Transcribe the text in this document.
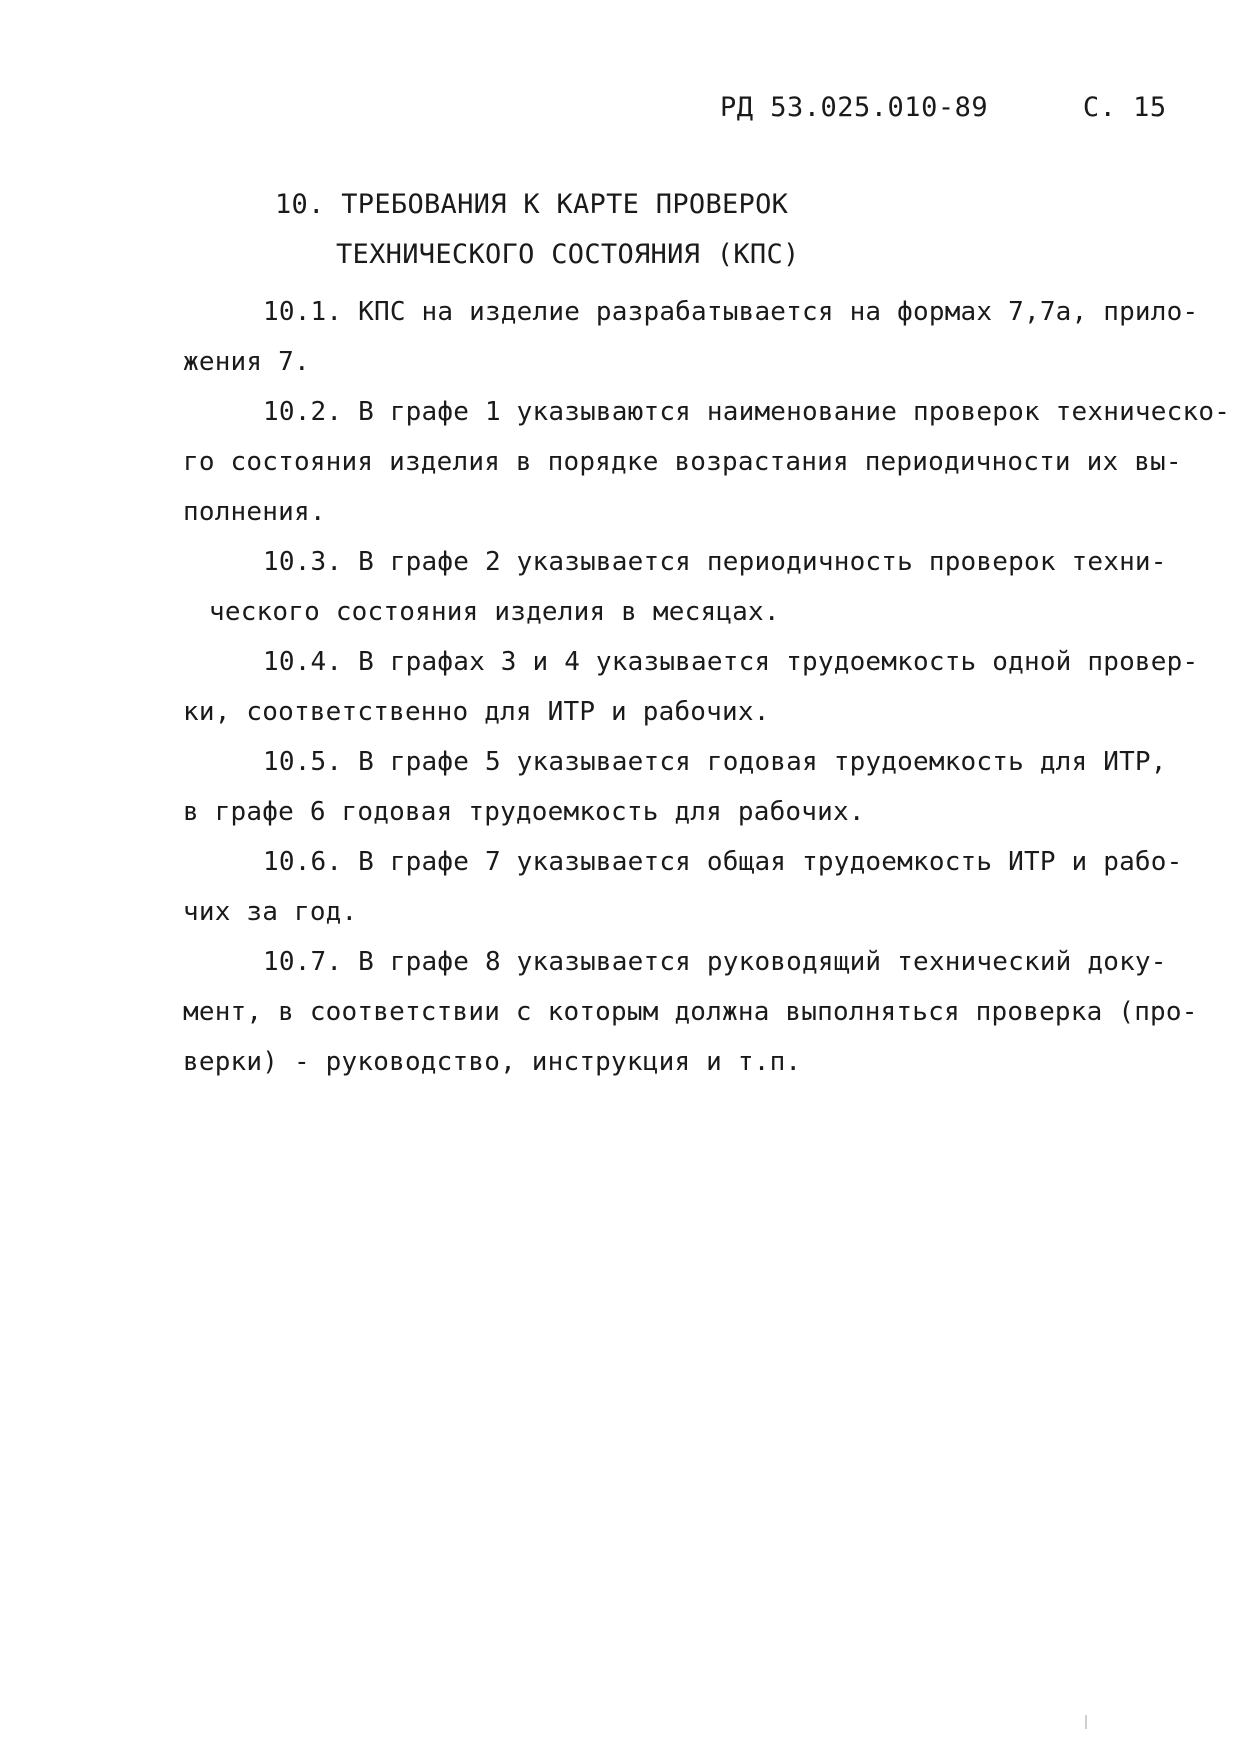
РД 53.025.010-89	С. 15
10. ТРЕБОВАНИЯ К КАРТЕ ПРОВЕРОК
ТЕХНИЧЕСКОГО СОСТОЯНИЯ (КПС)
10.1. КПС на изделие разрабатывается на формах 7,7а, прило-
жения 7.
10.2. В графе 1 указываются наименование проверок техническо-
го состояния изделия в порядке возрастания периодичности их вы-
полнения.
10.3. В графе 2 указывается периодичность проверок техни-
ческого состояния изделия в месяцах.
10.4. В графах 3 и 4 указывается трудоемкость одной провер-
ки, соответственно для ИТР и рабочих.
10.5. В графе 5 указывается годовая трудоемкость для ИТР,
в графе 6 годовая трудоемкость для рабочих.
10.6. В графе 7 указывается общая трудоемкость ИТР и рабо-
чих за год.
10.7. В графе 8 указывается руководящий технический доку-
мент, в соответствии с которым должна выполняться проверка (про-
верки) - руководство, инструкция и т.п.
